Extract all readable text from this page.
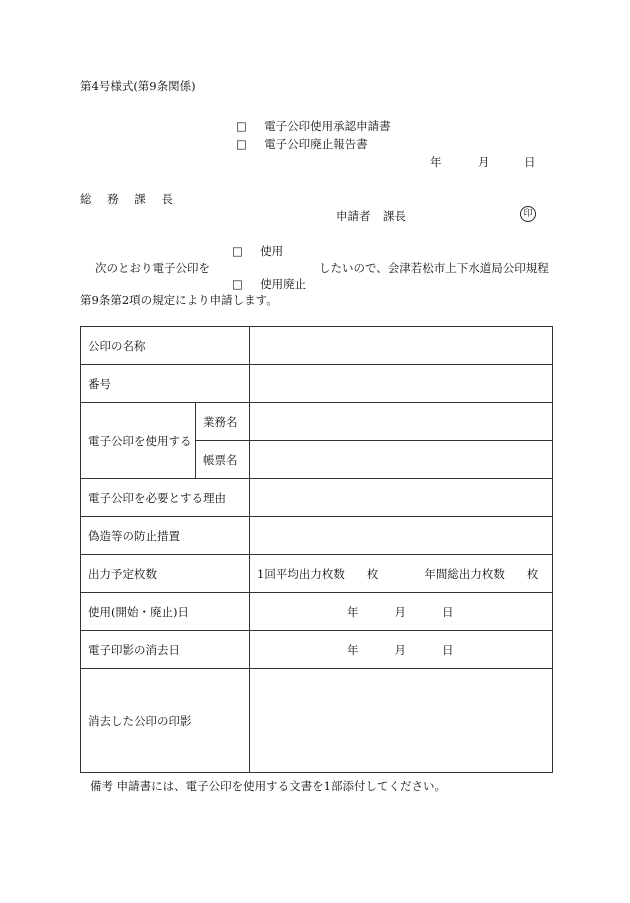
第4号様式(第9条関係)
□ 電子公印使用承認申請書
□ 電子公印廃止報告書
年	月	日
総 務 課 長
申請者 課長	印
□ 使用
次のとおり電子公印を	したいので、会津若松市上下水道局公印規程
□ 使用廃止
第9条第2項の規定により申請します。
公印の名称		
番号		
電子公印を使用する	業務名	
	帳票名	
電子公印を必要とする理由		
偽造等の防止措置		
出力予定枚数		1回平均出力枚数 枚 年間総出力枚数 枚
使用(開始・廃止)日		年 月 日
電子印影の消去日		年 月 日
消去した公印の印影		
備考 申請書には、電子公印を使用する文書を1部添付してください。
